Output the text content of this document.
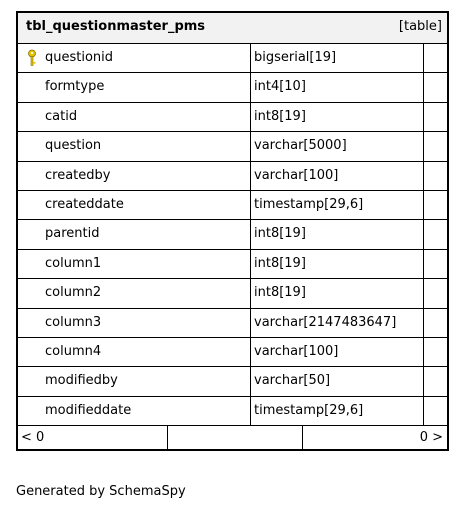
tbl_questionmaster_pms	[table]
questionid	bigserial[19]
formtype	int4[10]
catid	int8[19]
question	varchar[5000]
createdby	varchar[100]
createddate	timestamp[29,6]
parentid	int8[19]
column1	int8[19]
column2	int8[19]
column3	varchar[2147483647]
column4	varchar[100]
modifiedby	varchar[50]
modifieddate	timestamp[29,6]
< 0	0 >
Generated by SchemaSpy
